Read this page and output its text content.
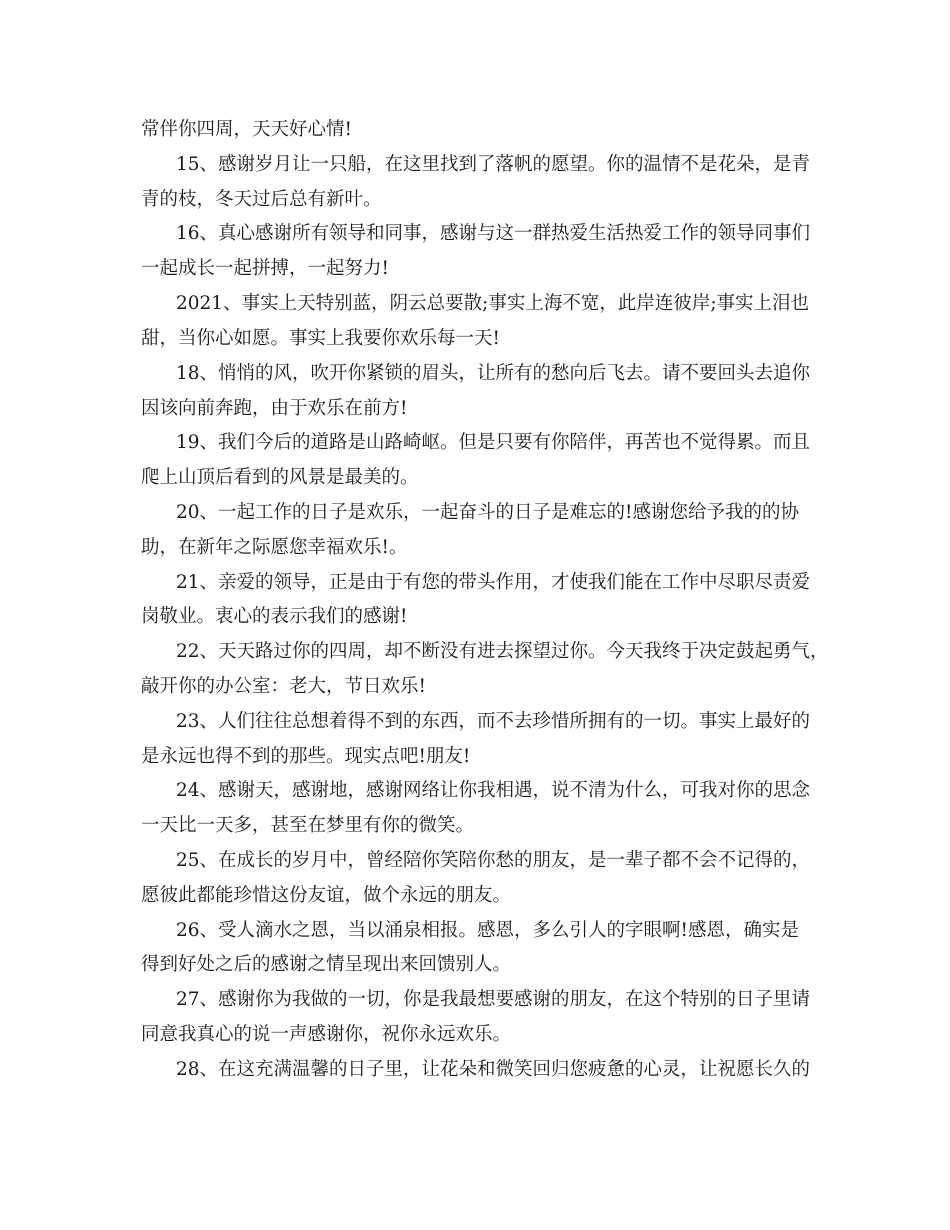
常伴你四周，天天好心情!
15、感谢岁月让一只船，在这里找到了落帆的愿望。你的温情不是花朵，是青
青的枝，冬天过后总有新叶。
16、真心感谢所有领导和同事，感谢与这一群热爱生活热爱工作的领导同事们
一起成长一起拼搏，一起努力!
2021、事实上天特别蓝，阴云总要散;事实上海不宽，此岸连彼岸;事实上泪也
甜，当你心如愿。事实上我要你欢乐每一天!
18、悄悄的风，吹开你紧锁的眉头，让所有的愁向后飞去。请不要回头去追你
因该向前奔跑，由于欢乐在前方!
19、我们今后的道路是山路崎岖。但是只要有你陪伴，再苦也不觉得累。而且
爬上山顶后看到的风景是最美的。
20、一起工作的日子是欢乐，一起奋斗的日子是难忘的!感谢您给予我的的协
助，在新年之际愿您幸福欢乐!。
21、亲爱的领导，正是由于有您的带头作用，才使我们能在工作中尽职尽责爱
岗敬业。衷心的表示我们的感谢!
22、天天路过你的四周，却不断没有进去探望过你。今天我终于决定鼓起勇气，
敲开你的办公室：老大，节日欢乐!
23、人们往往总想着得不到的东西，而不去珍惜所拥有的一切。事实上最好的
是永远也得不到的那些。现实点吧!朋友!
24、感谢天，感谢地，感谢网络让你我相遇，说不清为什么，可我对你的思念
一天比一天多，甚至在梦里有你的微笑。
25、在成长的岁月中，曾经陪你笑陪你愁的朋友，是一辈子都不会不记得的，
愿彼此都能珍惜这份友谊，做个永远的朋友。
26、受人滴水之恩，当以涌泉相报。感恩，多么引人的字眼啊!感恩，确实是
得到好处之后的感谢之情呈现出来回馈别人。
27、感谢你为我做的一切，你是我最想要感谢的朋友，在这个特别的日子里请
同意我真心的说一声感谢你，祝你永远欢乐。
28、在这充满温馨的日子里，让花朵和微笑回归您疲惫的心灵，让祝愿长久的
